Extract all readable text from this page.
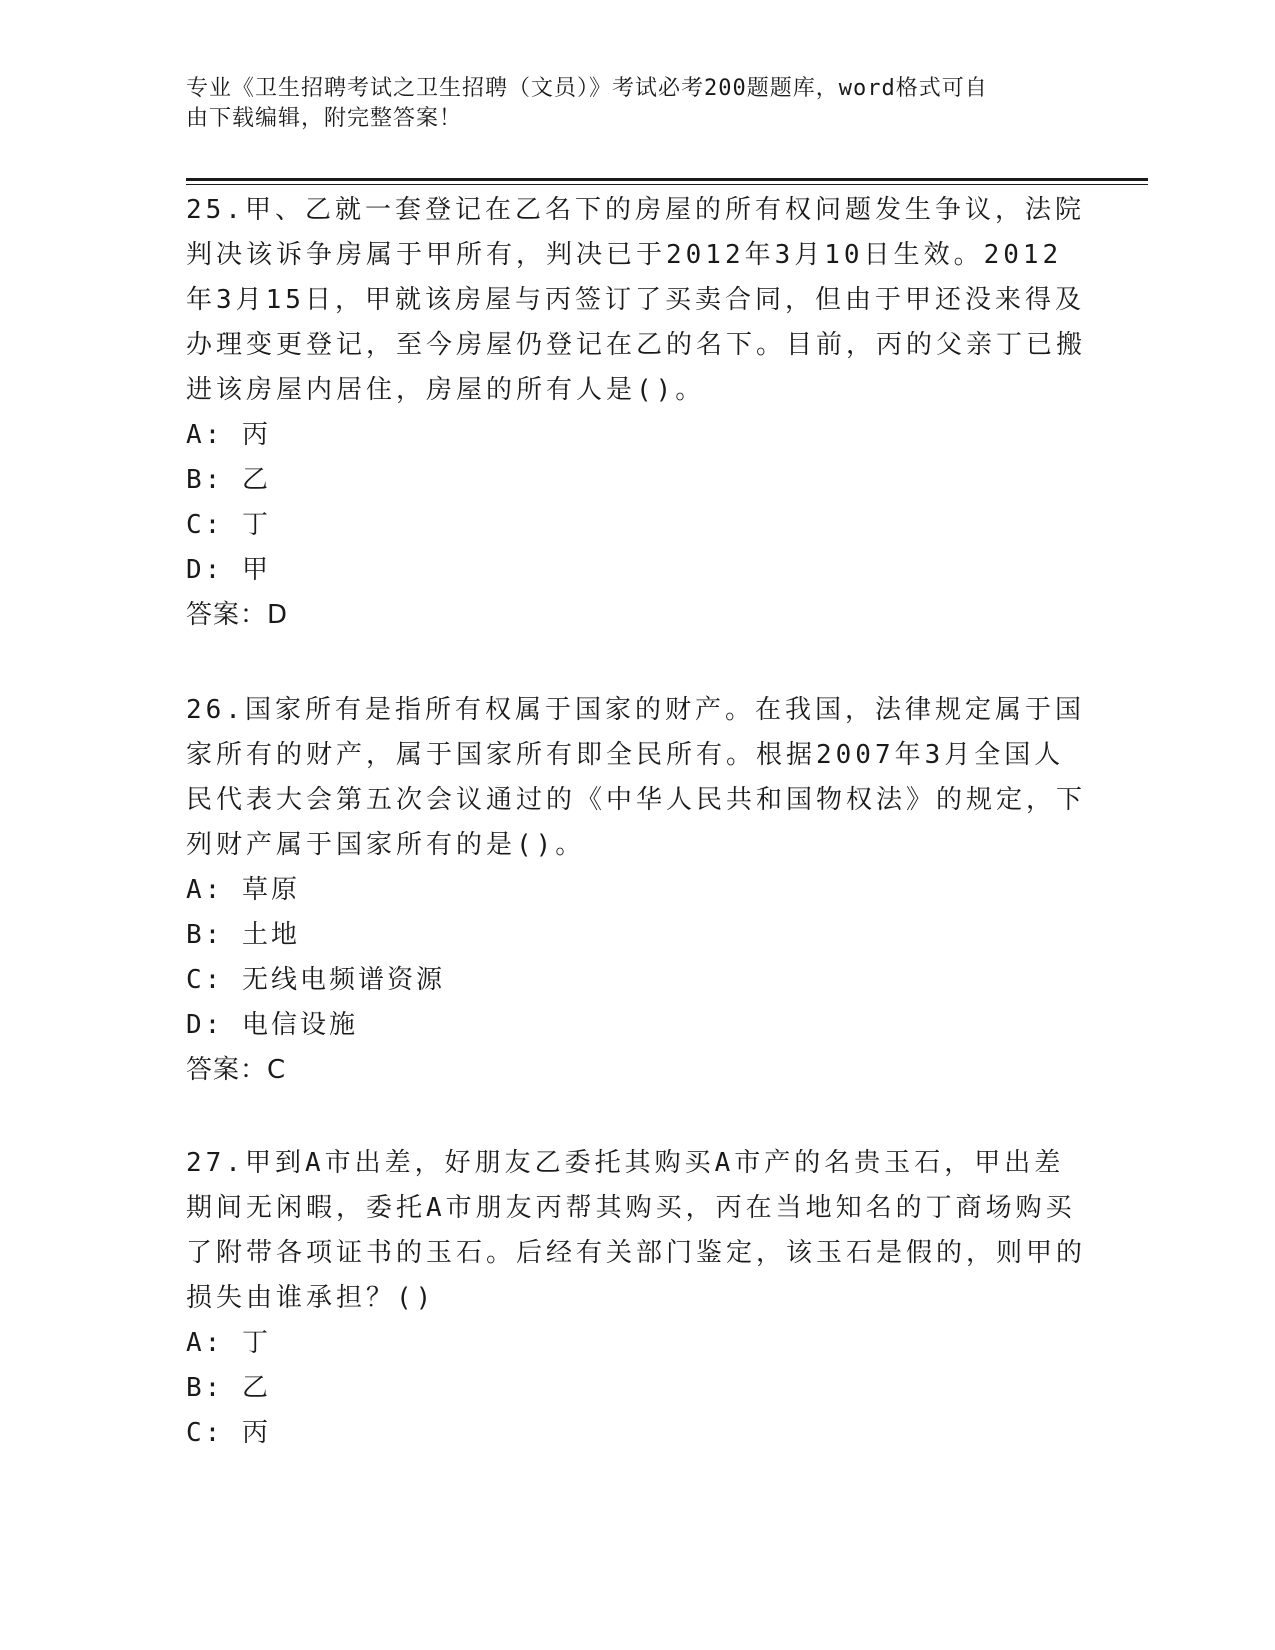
专业《卫生招聘考试之卫生招聘（文员）》考试必考200题题库，word格式可自
由下载编辑，附完整答案！

25.甲、乙就一套登记在乙名下的房屋的所有权问题发生争议，法院判决该诉争房属于甲所有，判决已于2012年3月10日生效。2012年3月15日，甲就该房屋与丙签订了买卖合同，但由于甲还没来得及办理变更登记，至今房屋仍登记在乙的名下。目前，丙的父亲丁已搬进该房屋内居住，房屋的所有人是()。

A: 丙

B: 乙

C: 丁

D: 甲

答案：D

26.国家所有是指所有权属于国家的财产。在我国，法律规定属于国家所有的财产，属于国家所有即全民所有。根据2007年3月全国人民代表大会第五次会议通过的《中华人民共和国物权法》的规定，下列财产属于国家所有的是()。

A: 草原

B: 土地

C: 无线电频谱资源

D: 电信设施

答案：C

27.甲到A市出差，好朋友乙委托其购买A市产的名贵玉石，甲出差期间无闲暇，委托A市朋友丙帮其购买，丙在当地知名的丁商场购买了附带各项证书的玉石。后经有关部门鉴定，该玉石是假的，则甲的损失由谁承担？()

A: 丁

B: 乙

C: 丙
